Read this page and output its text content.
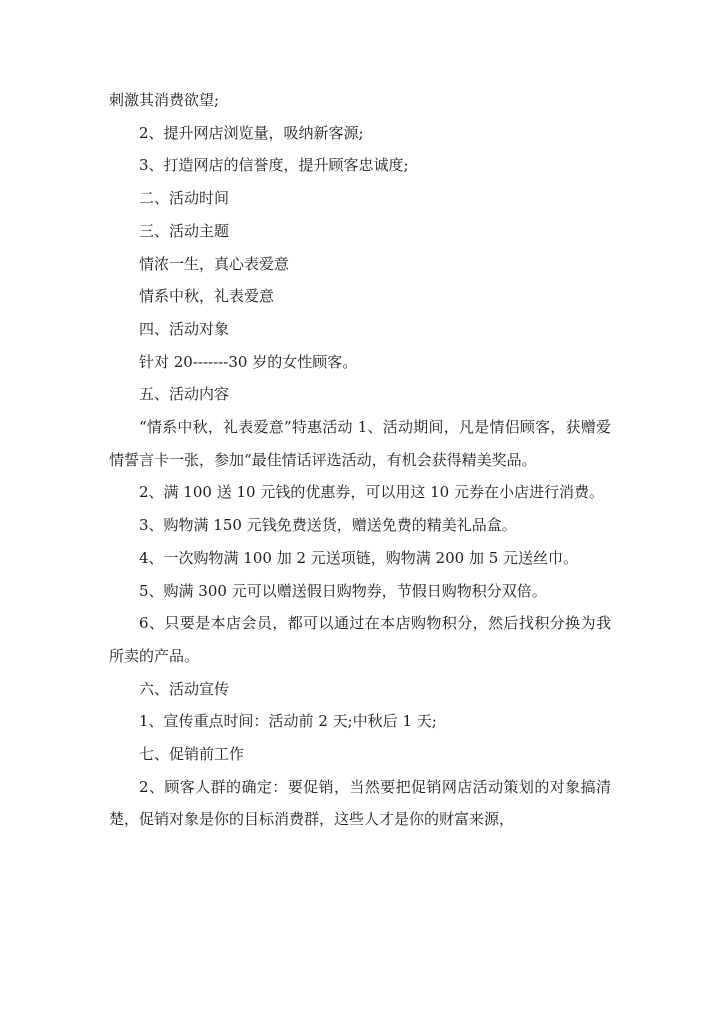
刺激其消费欲望;

2、提升网店浏览量，吸纳新客源;

3、打造网店的信誉度，提升顾客忠诚度;

二、活动时间

三、活动主题

情浓一生，真心表爱意

情系中秋，礼表爱意

四、活动对象

针对 20-------30 岁的女性顾客。

五、活动内容

“情系中秋，礼表爱意”特惠活动 1、活动期间，凡是情侣顾客，获赠爱情誓言卡一张，参加“最佳情话评选活动，有机会获得精美奖品。

2、满 100 送 10 元钱的优惠券，可以用这 10 元券在小店进行消费。

3、购物满 150 元钱免费送货，赠送免费的精美礼品盒。

4、一次购物满 100 加 2 元送项链，购物满 200 加 5 元送丝巾。

5、购满 300 元可以赠送假日购物券，节假日购物积分双倍。

6、只要是本店会员，都可以通过在本店购物积分，然后找积分换为我所卖的产品。

六、活动宣传

1、宣传重点时间：活动前 2 天;中秋后 1 天;

七、促销前工作

2、顾客人群的确定：要促销，当然要把促销网店活动策划的对象搞清楚，促销对象是你的目标消费群，这些人才是你的财富来源，
